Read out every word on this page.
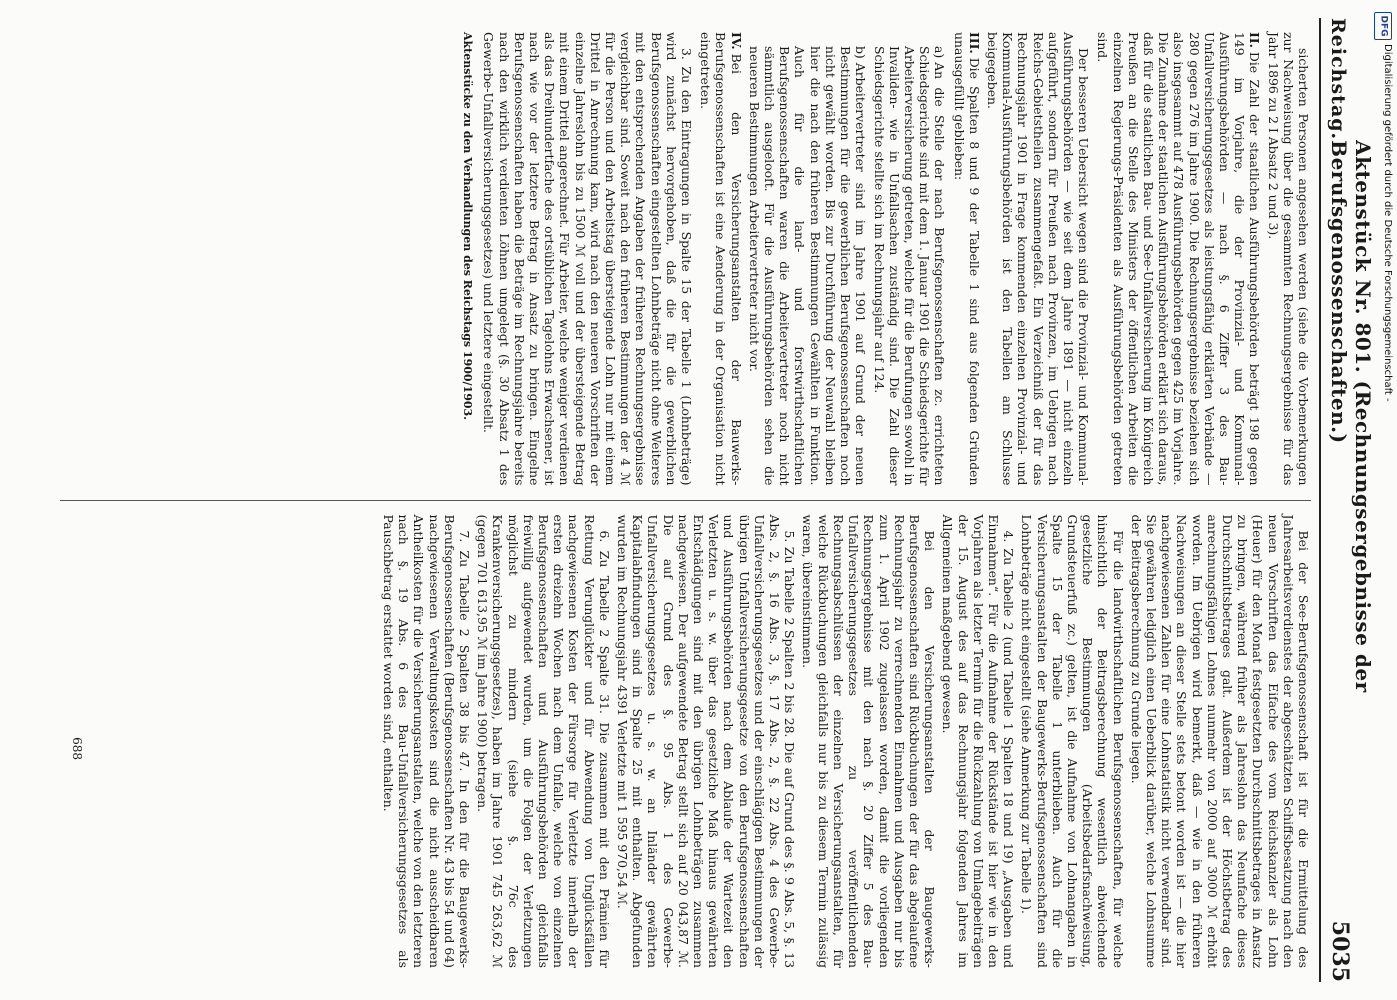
Reichstag.
Aktenstück Nr. 801. (Rechnungsergebnisse der Berufsgenossenschaften.)
5035

sicherten Personen angesehen werden (siehe die Vorbemerkungen zur Nachweisung über die gesammten Rechnungsergebnisse für das Jahr 1896 zu 2 I Absatz 2 und 3).

II.Die Zahl der staatlichen Ausführungsbehörden beträgt 198 gegen 149 im Vorjahre, die der Provinzial- und Kommunal-Ausführungsbehörden — nach §. 6 Ziffer 3 des Bau-Unfallversicherungsgesetzes als leistungsfähig erklärten Verbände — 280 gegen 276 im Jahre 1900. Die Rechnungsergebnisse beziehen sich also insgesammt auf 478 Ausführungsbehörden gegen 425 im Vorjahre. Die Zunahme der staatlichen Ausführungsbehörden erklärt sich daraus, daß für die staatlichen Bau- und See-Unfallversicherung im Königreich Preußen an die Stelle des Ministers der öffentlichen Arbeiten die einzelnen Regierungs-Präsidenten als Ausführungsbehörden getreten sind.

Der besseren Uebersicht wegen sind die Provinzial- und Kommunal-Ausführungsbehörden — wie seit dem Jahre 1891 — nicht einzeln aufgeführt, sondern für Preußen nach Provinzen, im Uebrigen nach Reichs-Gebietstheilen zusammengefaßt. Ein Verzeichniß der für das Rechnungsjahr 1901 in Frage kommenden einzelnen Provinzial- und Kommunal-Ausführungsbehörden ist den Tabellen am Schlusse beigegeben.

III.Die Spalten 8 und 9 der Tabelle 1 sind aus folgenden Gründen unausgefüllt geblieben:
a)An die Stelle der nach Berufsgenossenschaften zc. errichteten Schiedsgerichte sind mit dem 1. Januar 1901 die Schiedsgerichte für Arbeiterversicherung getreten, welche für die Berufungen sowohl in Invaliden- wie in Unfallsachen zuständig sind. Die Zahl dieser Schiedsgerichte stellte sich im Rechnungsjahr auf 124.
b)Arbeitervertreter sind im Jahre 1901 auf Grund der neuen Bestimmungen für die gewerblichen Berufsgenossenschaften noch nicht gewählt worden. Bis zur Durchführung der Neuwahl bleiben hier die nach den früheren Bestimmungen Gewählten in Funktion. Auch für die land- und forstwirthschaftlichen Berufsgenossenschaften waren die Arbeitervertreter noch nicht sämmtlich ausgelooft. Für die Ausführungsbehörden sehen die neueren Bestimmungen Arbeitervertreter nicht vor.
IV.Bei den Versicherungsanstalten der Bauwerks-Berufsgenossenschaften ist eine Aenderung in der Organisation nicht eingetreten.

3. Zu den Eintragungen in Spalte 15 der Tabelle 1 (Lohnbeträge) wird zunächst hervorgehoben, daß die für die gewerblichen Berufsgenossenschaften eingestellten Lohnbeträge nicht ohne Weiteres mit den entsprechenden Angaben der früheren Rechnungsergebnisse vergleichbar sind. Soweit nach den früheren Bestimmungen der 4 ℳ für die Person und den Arbeitstag übersteigende Lohn nur mit einem Drittel in Anrechnung kam, wird nach den neueren Vorschriften der einzelne Jahreslohn bis zu 1500 ℳ voll und der übersteigende Betrag mit einem Drittel angerechnet. Für Arbeiter, welche weniger verdienen als das Dreihundertfache des ortsüblichen Tagelohns Erwachsener, ist nach wie vor der letztere Betrag in Ansatz zu bringen. Eingelne Berufsgenossenschaften haben die Beträge im Rechnungsjahre bereits nach den wirklich verdienten Löhnen umgelegt (§. 30 Absatz 1 des Gewerbe-Unfallversicherungsgesetzes) und letztere eingestellt.

Aktenstücke zu den Verhandlungen des Reichstags 1900/1903.

Bei der See-Berufsgenossenschaft ist für die Ermittelung des Jahresarbeitsverdienstes der abgeschätzten Schiffsbesatzung nach den neuen Vorschriften das Eifache des vom Reichskanzler als Lohn (Heuer) für den Monat festgesetzten Durchschnittsbetrages in Ansatz zu bringen, während früher als Jahreslohn das Neunfache dieses Durchschnittsbetrages galt. Außerdem ist der Höchstbetrag des anrechnungsfähigen Lohnes nunmehr von 2000 auf 3000 ℳ erhöht worden. Im Uebrigen wird bemerkt, daß — wie in den früheren Nachweisungen an dieser Stelle stets betont worden ist — die hier nachgewiesenen Zahlen für eine Lohnstatistik nicht verwendbar sind. Sie gewähren lediglich einen Ueberblick darüber, welche Lohnsumme der Beitragsberechnung zu Grunde liegen.

Für die landwirthschaftlichen Berufsgenossenschaften, für welche hinsichtlich der Beitragsberechnung wesentlich abweichende gesetzliche Bestimmungen (Arbeitsbedarfsnachweisung, Grundsteuerfuß zc.) gelten, ist die Aufnahme von Lohnangaben in Spalte 15 der Tabelle 1 unterblieben. Auch für die Versicherungsanstalten der Baugewerks-Berufsgenossenschaften sind Lohnbeträge nicht eingestellt (siehe Anmerkung zur Tabelle 1).

4. Zu Tabelle 2 (und Tabelle 1 Spalten 18 und 19) „Ausgaben und Einnahmen“. Für die Aufnahme der Rückstände ist hier wie in den Vorjahren als letzter Termin für die Rückzahlung von Umlagebeiträgen der 15. August des auf das Rechnungsjahr folgenden Jahres im Allgemeinen maßgebend gewesen.

Bei den Versicherungsanstalten der Baugewerks-Berufsgenossenschaften sind Rückbuchungen der für das abgelaufene Rechnungsjahr zu verrechnenden Einnahmen und Ausgaben nur bis zum 1. April 1902 zugelassen worden, damit die vorliegenden Rechnungsergebnisse mit den nach §. 20 Ziffer 5 des Bau-Unfallversicherungsgesetzes zu veröffentlichenden Rechnungsabschlüssen der einzelnen Versicherungsanstalten, für welche Rückbuchungen gleichfalls nur bis zu diesem Termin zulässig waren, übereinstimmen.

5. Zu Tabelle 2 Spalten 2 bis 28. Die auf Grund des §. 9 Abs. 5, §. 13 Abs. 2, §. 16 Abs. 3, §. 17 Abs. 2, §. 22 Abs. 4 des Gewerbe-Unfallversicherungsgesetzes und der einschlägigen Bestimmungen der übrigen Unfallversicherungsgesetze von den Berufsgenossenschaften und Ausführungsbehörden nach dem Ablaufe der Wartezeit den Verletzten u. s. w. über das gesetzliche Maß hinaus gewährten Entschädigungen sind mit den übrigen Lohnbeträgen zusammen nachgewiesen. Der aufgewendete Betrag stellt sich auf 20 043,87 ℳ. Die auf Grund des §. 95 Abs. 1 des Gewerbe-Unfallversicherungsgesetzes u. s. w. an Inländer gewährten Kapitalabfindungen sind in Spalte 25 mit enthalten. Abgefunden wurden im Rechnungsjahr 4391 Verletzte mit 1 595 970,54 ℳ.

6. Zu Tabelle 2 Spalte 31. Die zusammen mit den Prämien für Rettung Verunglückter und für Abwendung von Unglücksfällen nachgewiesenen Kosten der Fürsorge für Verletzte innerhalb der ersten dreizehn Wochen nach dem Unfalle, welche von einzelnen Berufsgenossenschaften und Ausführungsbehörden gleichfalls freiwillig aufgewendet wurden, um die Folgen der Verletzungen möglichst zu mindern (siehe §. 76c des Krankenversicherungsgesetzes), haben im Jahre 1901 745 263,62 ℳ (gegen 701 613,95 ℳ im Jahre 1900) betragen.

7. Zu Tabelle 2 Spalten 38 bis 47. In den für die Baugewerks-Berufsgenossenschaften (Berufsgenossenschaften Nr. 43 bis 54 und 64) nachgewiesenen Verwaltungskosten sind die nicht ausscheidbaren Antheilkosten für die Versicherungsanstalten, welche von den letzteren nach §. 19 Abs. 6 des Bau-Unfallversicherungsgesetzes als Pauschbetrag erstattet worden sind, enthalten.

688
DFG
Digitalisierung gefördert durch die Deutsche Forschungsgemeinschaft -
